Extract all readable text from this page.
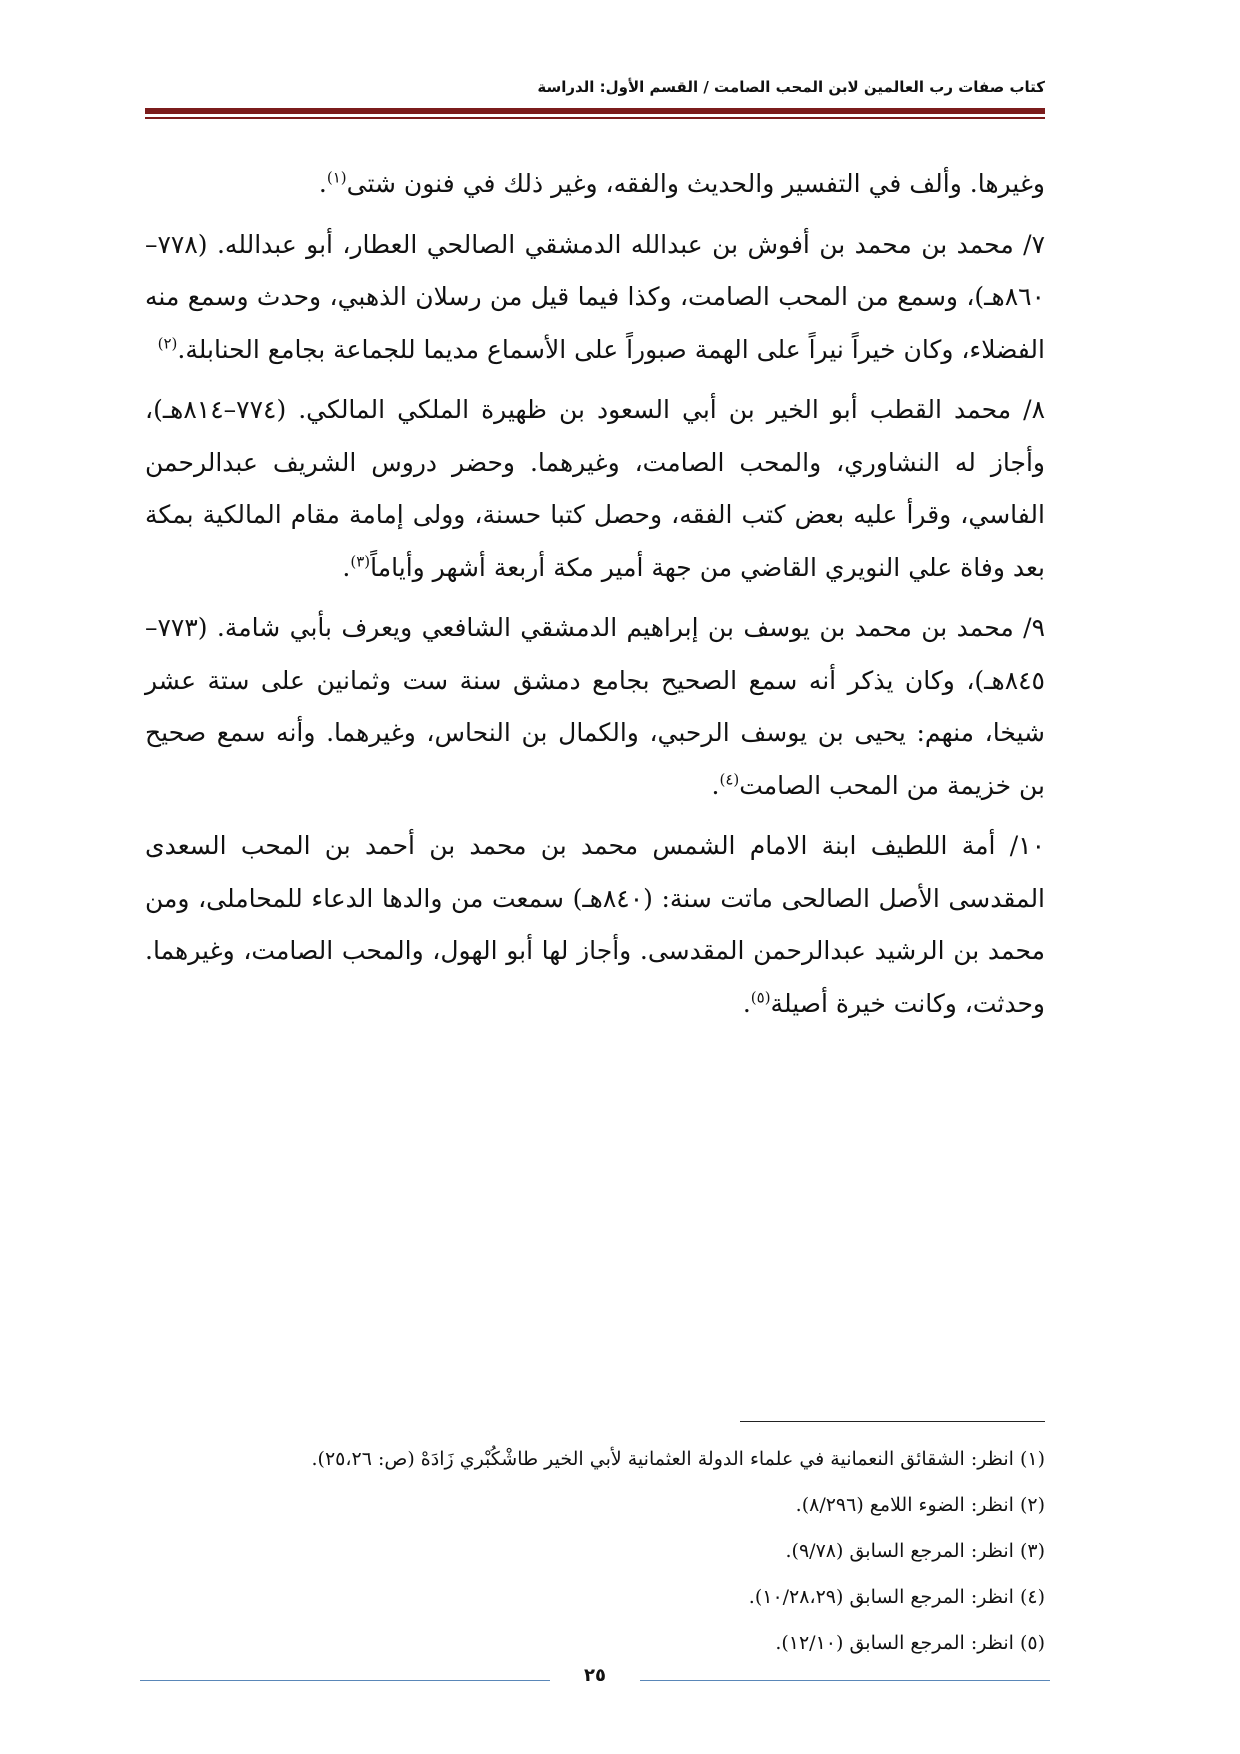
كتاب صفات رب العالمين لابن المحب الصامت / القسم الأول: الدراسة

وغيرها. وألف في التفسير والحديث والفقه، وغير ذلك في فنون شتى$^{(١)}$.

٧/ محمد بن محمد بن أفوش بن عبدالله الدمشقي الصالحي العطار، أبو عبدالله. (٧٧٨–٨٦٠هـ)، وسمع من المحب الصامت، وكذا فيما قيل من رسلان الذهبي، وحدث وسمع منه الفضلاء، وكان خيراً نيراً على الهمة صبوراً على الأسماع مديما للجماعة بجامع الحنابلة.$^{(٢)}$

٨/ محمد القطب أبو الخير بن أبي السعود بن ظهيرة الملكي المالكي. (٧٧٤–٨١٤هـ)، وأجاز له النشاوري، والمحب الصامت، وغيرهما. وحضر دروس الشريف عبدالرحمن الفاسي، وقرأ عليه بعض كتب الفقه، وحصل كتبا حسنة، وولى إمامة مقام المالكية بمكة بعد وفاة علي النويري القاضي من جهة أمير مكة أربعة أشهر وأياماً$^{(٣)}$.

٩/ محمد بن محمد بن يوسف بن إبراهيم الدمشقي الشافعي ويعرف بأبي شامة. (٧٧٣–٨٤٥هـ)، وكان يذكر أنه سمع الصحيح بجامع دمشق سنة ست وثمانين على ستة عشر شيخا، منهم: يحيى بن يوسف الرحبي، والكمال بن النحاس، وغيرهما. وأنه سمع صحيح بن خزيمة من المحب الصامت$^{(٤)}$.

١٠/ أمة اللطيف ابنة الامام الشمس محمد بن محمد بن أحمد بن المحب السعدى المقدسى الأصل الصالحى ماتت سنة: (٨٤٠هـ) سمعت من والدها الدعاء للمحاملى، ومن محمد بن الرشيد عبدالرحمن المقدسى. وأجاز لها أبو الهول، والمحب الصامت، وغيرهما. وحدثت، وكانت خيرة أصيلة$^{(٥)}$.

(١) انظر: الشقائق النعمانية في علماء الدولة العثمانية لأبي الخير طاشْكُبْري زَادَهْ (ص: ٢٥،٢٦).
(٢) انظر: الضوء اللامع (٨/٢٩٦).
(٣) انظر: المرجع السابق (٩/٧٨).
(٤) انظر: المرجع السابق (١٠/٢٨،٢٩).
(٥) انظر: المرجع السابق (١٢/١٠).
٢٥
